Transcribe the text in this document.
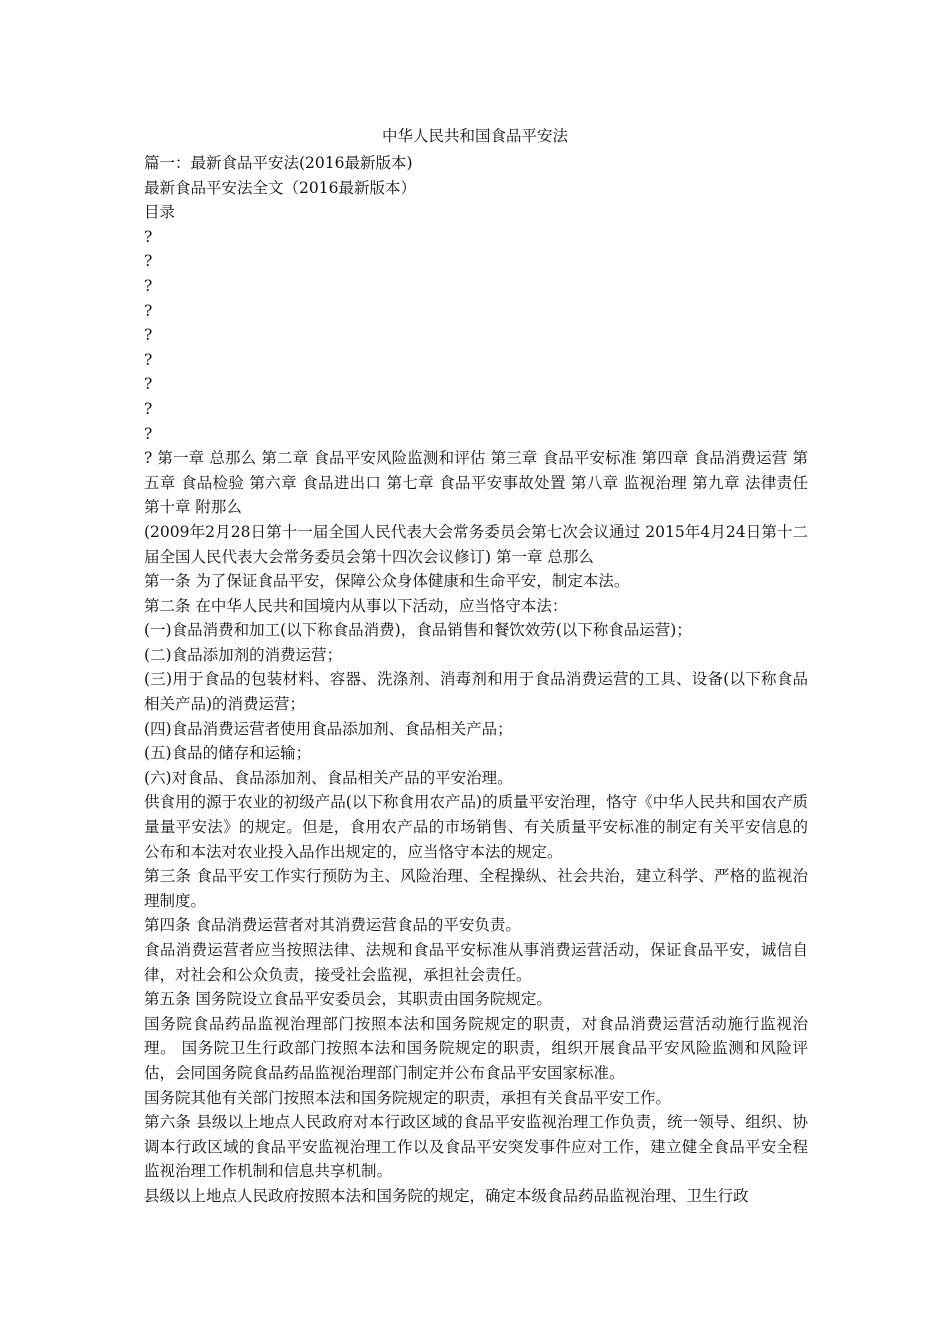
中华人民共和国食品平安法

篇一：最新食品平安法(2016最新版本)

最新食品平安法全文（2016最新版本）

目录

?

?

?

?

?

?

?

?

?

? 第一章 总那么 第二章 食品平安风险监测和评估 第三章 食品平安标准 第四章 食品消费运营 第五章 食品检验 第六章 食品进出口 第七章 食品平安事故处置 第八章 监视治理 第九章 法律责任 第十章 附那么

(2009年2月28日第十一届全国人民代表大会常务委员会第七次会议通过 2015年4月24日第十二届全国人民代表大会常务委员会第十四次会议修订) 第一章 总那么

第一条 为了保证食品平安，保障公众身体健康和生命平安，制定本法。

第二条 在中华人民共和国境内从事以下活动，应当恪守本法：

(一)食品消费和加工(以下称食品消费)，食品销售和餐饮效劳(以下称食品运营)；

(二)食品添加剂的消费运营；

(三)用于食品的包装材料、容器、洗涤剂、消毒剂和用于食品消费运营的工具、设备(以下称食品相关产品)的消费运营；

(四)食品消费运营者使用食品添加剂、食品相关产品；

(五)食品的储存和运输；

(六)对食品、食品添加剂、食品相关产品的平安治理。

供食用的源于农业的初级产品(以下称食用农产品)的质量平安治理，恪守《中华人民共和国农产质量量平安法》的规定。但是，食用农产品的市场销售、有关质量平安标准的制定有关平安信息的公布和本法对农业投入品作出规定的，应当恪守本法的规定。

第三条 食品平安工作实行预防为主、风险治理、全程操纵、社会共治，建立科学、严格的监视治理制度。

第四条 食品消费运营者对其消费运营食品的平安负责。

食品消费运营者应当按照法律、法规和食品平安标准从事消费运营活动，保证食品平安，诚信自律，对社会和公众负责，接受社会监视，承担社会责任。

第五条 国务院设立食品平安委员会，其职责由国务院规定。

国务院食品药品监视治理部门按照本法和国务院规定的职责，对食品消费运营活动施行监视治理。 国务院卫生行政部门按照本法和国务院规定的职责，组织开展食品平安风险监测和风险评估，会同国务院食品药品监视治理部门制定并公布食品平安国家标准。

国务院其他有关部门按照本法和国务院规定的职责，承担有关食品平安工作。

第六条 县级以上地点人民政府对本行政区域的食品平安监视治理工作负责，统一领导、组织、协调本行政区域的食品平安监视治理工作以及食品平安突发事件应对工作，建立健全食品平安全程监视治理工作机制和信息共享机制。

县级以上地点人民政府按照本法和国务院的规定，确定本级食品药品监视治理、卫生行政
